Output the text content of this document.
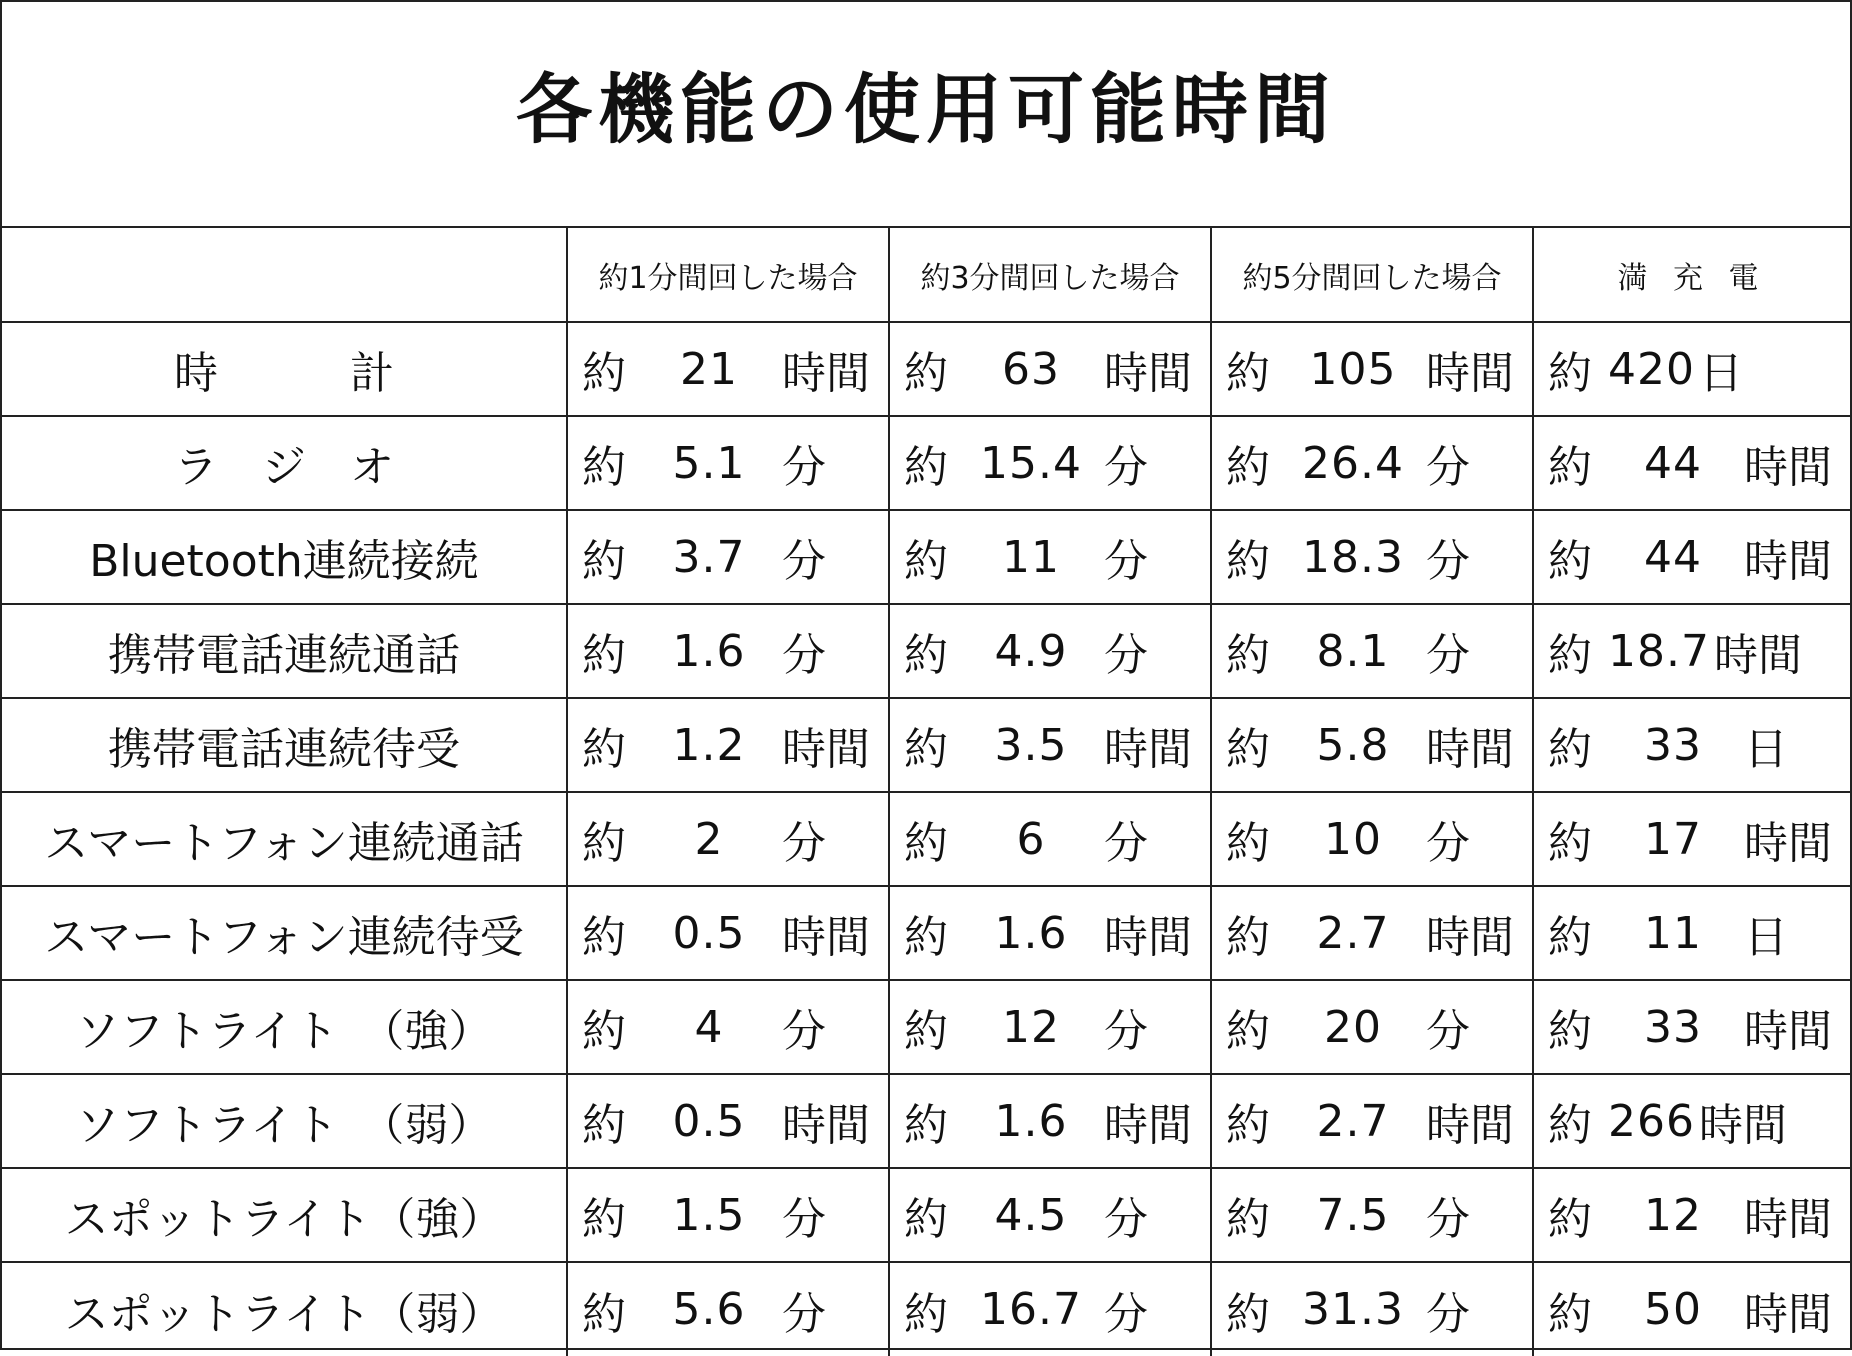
各機能の使用可能時間
	約1分間回した場合	約3分間回した場合	約5分間回した場合	満 充 電
時　　　計	約 21 時間	約 63 時間	約 105 時間	約 420 日

ラ　ジ　オ	約 5.1 分	約 15.4 分	約 26.4 分	約 44 時間

Bluetooth連続接続	約 3.7 分	約 11 分	約 18.3 分	約 44 時間

携帯電話連続通話	約 1.6 分	約 4.9 分	約 8.1 分	約 18.7 時間

携帯電話連続待受	約 1.2 時間	約 3.5 時間	約 5.8 時間	約 33 日

スマートフォン連続通話	約 2 分	約 6 分	約 10 分	約 17 時間

スマートフォン連続待受	約 0.5 時間	約 1.6 時間	約 2.7 時間	約 11 日

ソフトライト　（強）	約 4 分	約 12 分	約 20 分	約 33 時間

ソフトライト　（弱）	約 0.5 時間	約 1.6 時間	約 2.7 時間	約 266 時間

スポットライト（強）	約 1.5 分	約 4.5 分	約 7.5 分	約 12 時間

スポットライト（弱）	約 5.6 分	約 16.7 分	約 31.3 分	約 50 時間
